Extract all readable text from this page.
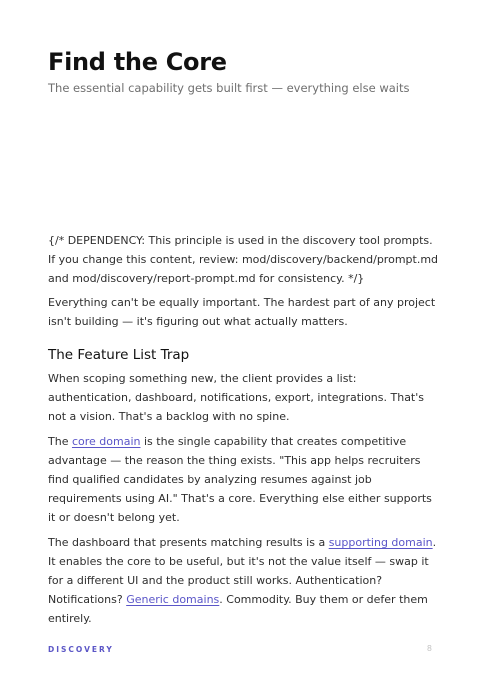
Find the Core

The essential capability gets built first — everything else waits

{/* DEPENDENCY: This principle is used in the discovery tool prompts.
If you change this content, review: mod/discovery/backend/prompt.md
and mod/discovery/report-prompt.md for consistency. */}

Everything can't be equally important. The hardest part of any project isn't building — it's figuring out what actually matters.

The Feature List Trap

When scoping something new, the client provides a list: authentication, dashboard, notifications, export, integrations. That's not a vision. That's a backlog with no spine.

The core domain is the single capability that creates competitive advantage — the reason the thing exists. "This app helps recruiters find qualified candidates by analyzing resumes against job requirements using AI." That's a core. Everything else either supports it or doesn't belong yet.

The dashboard that presents matching results is a supporting domain. It enables the core to be useful, but it's not the value itself — swap it for a different UI and the product still works. Authentication? Notifications? Generic domains. Commodity. Buy them or defer them entirely.

DISCOVERY	8
